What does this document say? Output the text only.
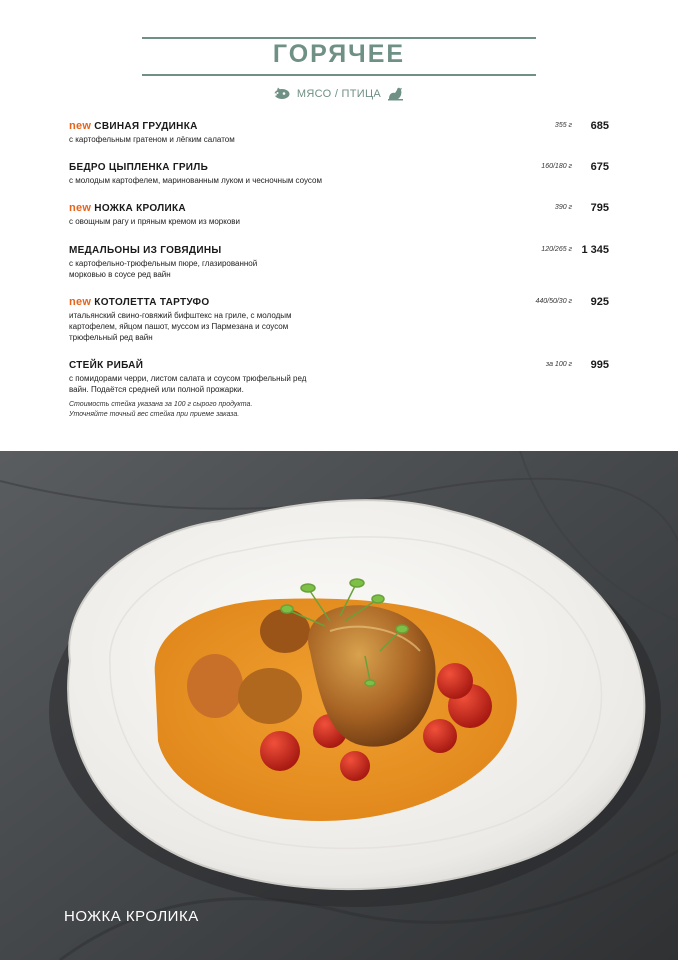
ГОРЯЧЕЕ
МЯСО / ПТИЦА
new СВИНАЯ ГРУДИНКА
с картофельным гратеном и лёгким салатом
355 г 685
БЕДРО ЦЫПЛЕНКА ГРИЛЬ
с молодым картофелем, маринованным луком и чесночным соусом
160/180 г 675
new НОЖКА КРОЛИКА
с овощным рагу и пряным кремом из моркови
390 г 795
МЕДАЛЬОНЫ ИЗ ГОВЯДИНЫ
с картофельно-трюфельным пюре, глазированной морковью в соусе ред вайн
120/265 г 1 345
new КОТОЛЕТТА ТАРТУФО
итальянский свино-говяжий бифштекс на гриле, с молодым картофелем, яйцом пашот, муссом из Пармезана и соусом трюфельный ред вайн
440/50/30 г 925
СТЕЙК РИБАЙ
с помидорами черри, листом салата и соусом трюфельный ред вайн. Подаётся средней или полной прожарки.
за 100 г 995
Стоимость стейка указана за 100 г сырого продукта.
Уточняйте точный вес стейка при приеме заказа.
НОЖКА КРОЛИКА
